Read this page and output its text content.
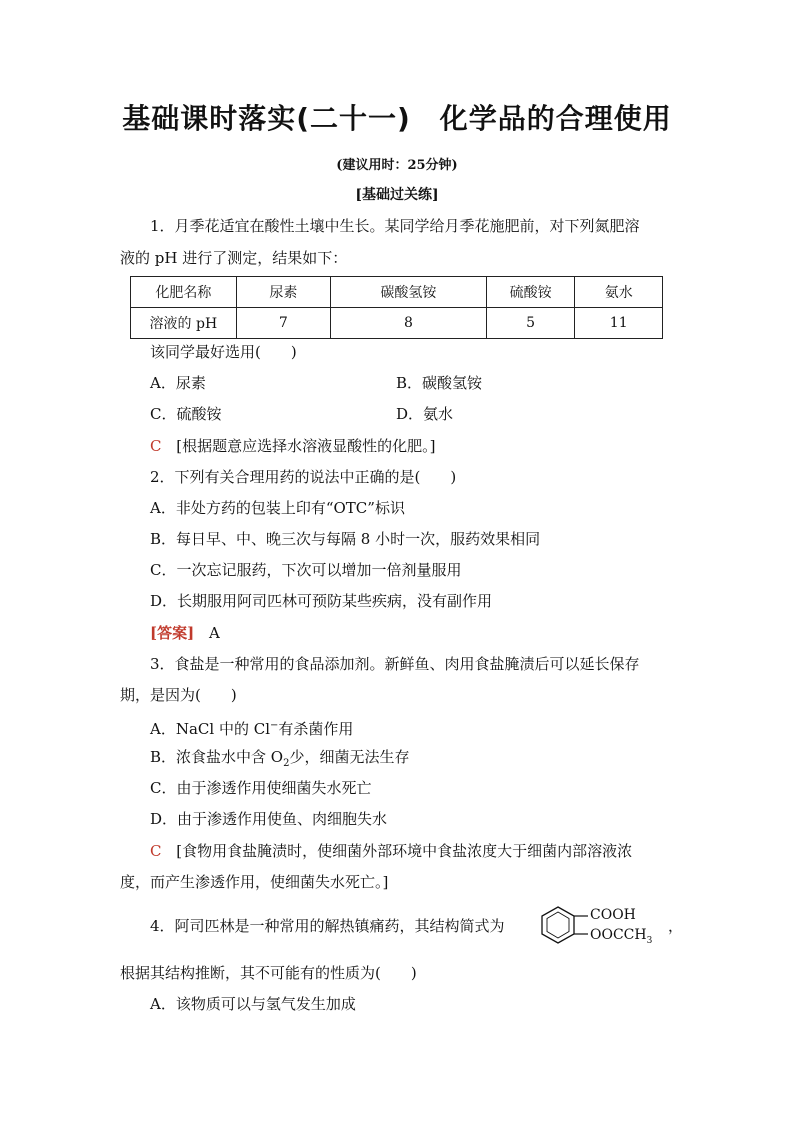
基础课时落实(二十一)　化学品的合理使用
(建议用时：25分钟)
[基础过关练]
1．月季花适宜在酸性土壤中生长。某同学给月季花施肥前，对下列氮肥溶
液的 pH 进行了测定，结果如下：
化肥名称	尿素	碳酸氢铵	硫酸铵	氨水
溶液的 pH	7	8	5	11
该同学最好选用(　　)
A．尿素	B．碳酸氢铵
C．硫酸铵	D．氨水
C [根据题意应选择水溶液显酸性的化肥。]
2．下列有关合理用药的说法中正确的是(　　)
A．非处方药的包装上印有“OTC”标识
B．每日早、中、晚三次与每隔 8 小时一次，服药效果相同
C．一次忘记服药，下次可以增加一倍剂量服用
D．长期服用阿司匹林可预防某些疾病，没有副作用
[答案] A
3．食盐是一种常用的食品添加剂。新鲜鱼、肉用食盐腌渍后可以延长保存
期，是因为(　　)
A．NaCl 中的 Cl−有杀菌作用
B．浓食盐水中含 $O_2$少，细菌无法生存
C．由于渗透作用使细菌失水死亡
D．由于渗透作用使鱼、肉细胞失水
C [食物用食盐腌渍时，使细菌外部环境中食盐浓度大于细菌内部溶液浓
度，而产生渗透作用，使细菌失水死亡。]
4．阿司匹林是一种常用的解热镇痛药，其结构简式为
COOH
$OOCCH_3$
，
根据其结构推断，其不可能有的性质为(　　)
A．该物质可以与氢气发生加成
